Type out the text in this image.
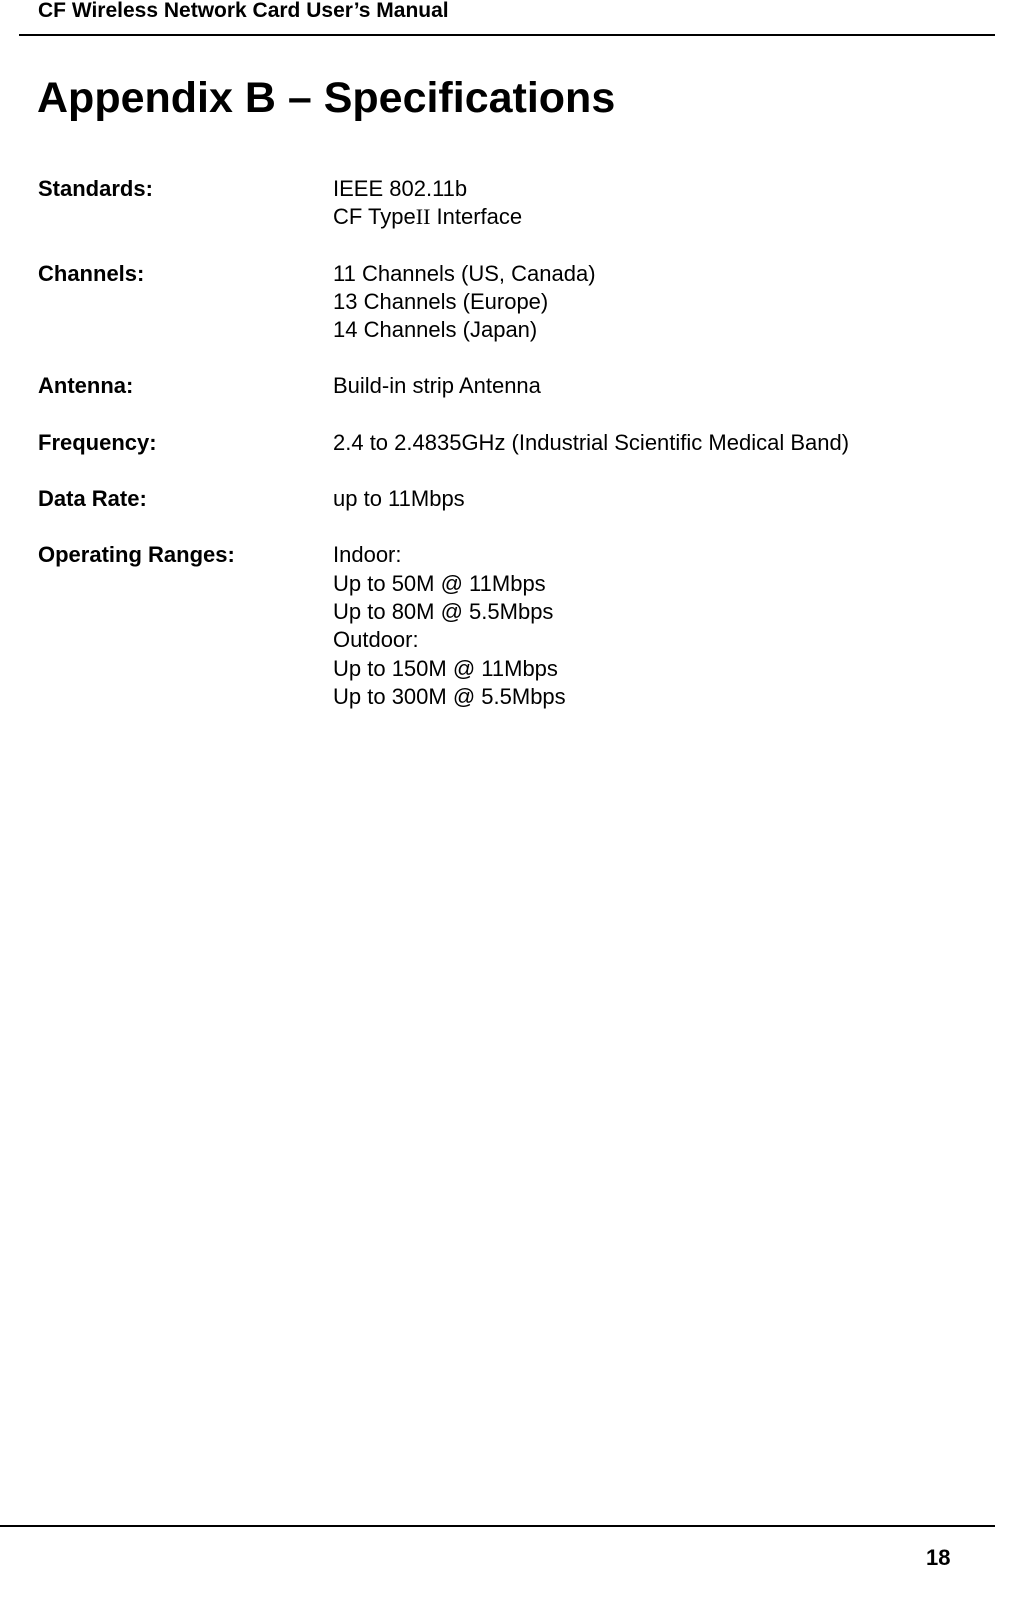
CF Wireless Network Card User’s Manual
Appendix B – Specifications
Standards:	IEEE 802.11b
CF TypeII Interface
Channels:	11 Channels (US, Canada)
13 Channels (Europe)
14 Channels (Japan)
Antenna:	Build-in strip Antenna
Frequency:	2.4 to 2.4835GHz (Industrial Scientific Medical Band)
Data Rate:	up to 11Mbps
Operating Ranges:	Indoor:
Up to 50M @ 11Mbps
Up to 80M @ 5.5Mbps
Outdoor:
Up to 150M @ 11Mbps
Up to 300M @ 5.5Mbps
18
